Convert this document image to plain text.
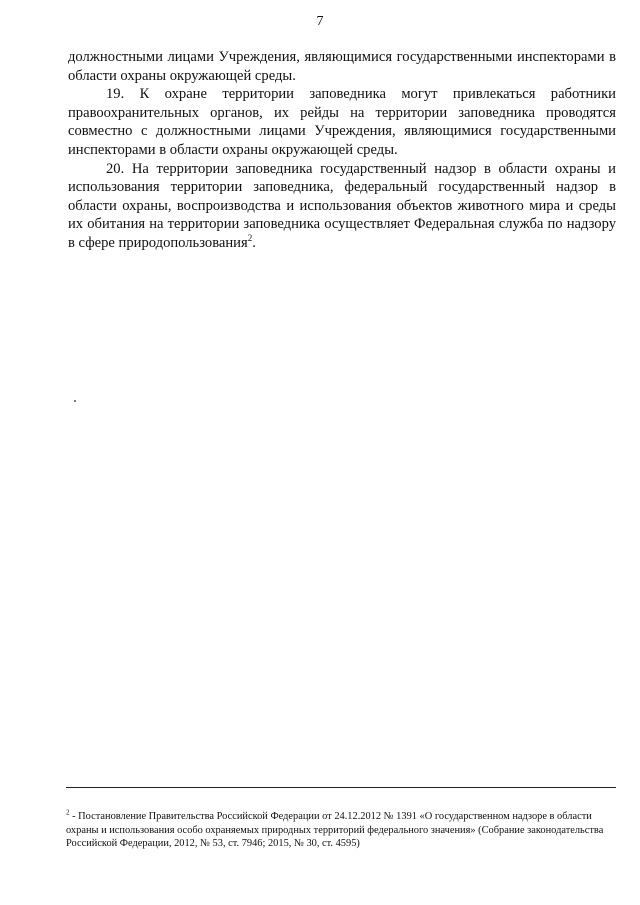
7

должностными лицами Учреждения, являющимися государственными инспекторами в области охраны окружающей среды.

19. К охране территории заповедника могут привлекаться работники правоохранительных органов, их рейды на территории заповедника проводятся совместно с должностными лицами Учреждения, являющимися государственными инспекторами в области охраны окружающей среды.

20. На территории заповедника государственный надзор в области охраны и использования территории заповедника, федеральный государственный надзор в области охраны, воспроизводства и использования объектов животного мира и среды их обитания на территории заповедника осуществляет Федеральная служба по надзору в сфере природопользования$^2$.

$^2$ - Постановление Правительства Российской Федерации от 24.12.2012 № 1391 «О государственном надзоре в области охраны и использования особо охраняемых природных территорий федерального значения» (Собрание законодательства Российской Федерации, 2012, № 53, ст. 7946; 2015, № 30, ст. 4595)
